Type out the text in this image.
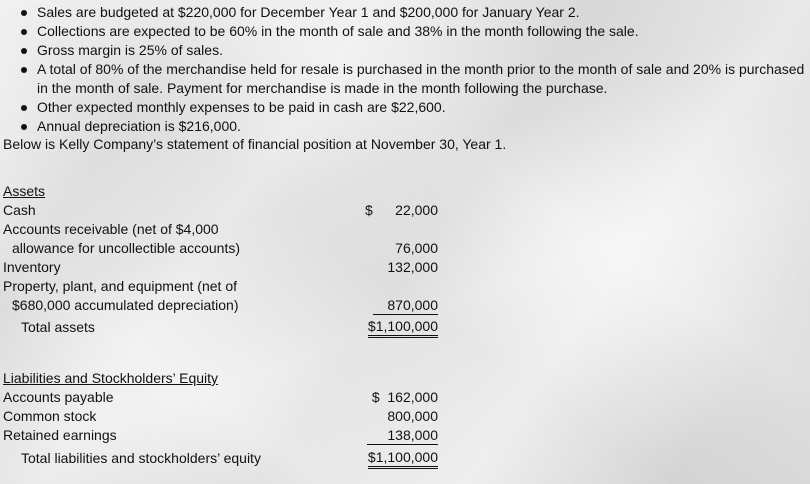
Sales are budgeted at $220,000 for December Year 1 and $200,000 for January Year 2.
Collections are expected to be 60% in the month of sale and 38% in the month following the sale.
Gross margin is 25% of sales.
A total of 80% of the merchandise held for resale is purchased in the month prior to the month of sale and 20% is purchased in the month of sale. Payment for merchandise is made in the month following the purchase.
Other expected monthly expenses to be paid in cash are $22,600.
Annual depreciation is $216,000.
Below is Kelly Company’s statement of financial position at November 30, Year 1.
Assets
Cash	$ 22,000
Accounts receivable (net of $4,000
allowance for uncollectible accounts)	76,000
Inventory	132,000
Property, plant, and equipment (net of
$680,000 accumulated depreciation)	870,000
Total assets	$1,100,000
Liabilities and Stockholders’ Equity
Accounts payable	$  162,000
Common stock	800,000
Retained earnings	138,000
Total liabilities and stockholders’ equity	$1,100,000
